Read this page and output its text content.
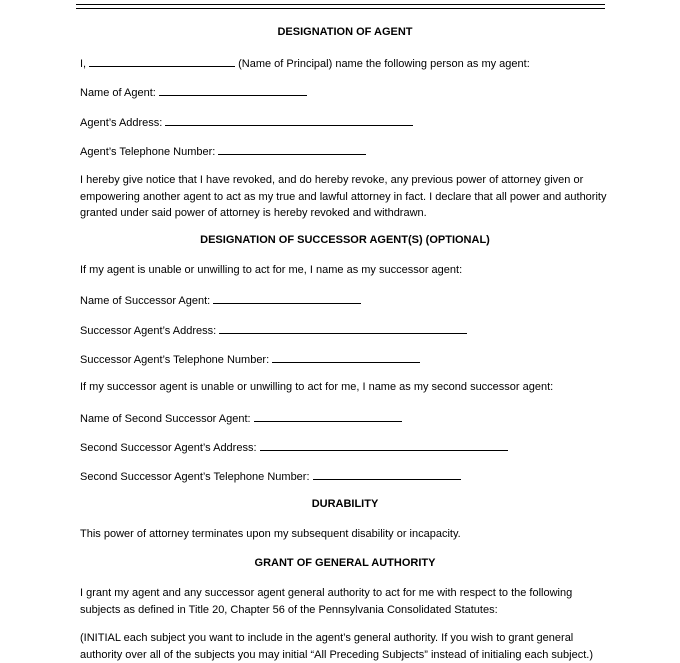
DESIGNATION OF AGENT
I,	(Name of Principal) name the following person as my agent:
Name of Agent:
Agent’s Address:
Agent’s Telephone Number:
I hereby give notice that I have revoked, and do hereby revoke, any previous power of attorney given or empowering another agent to act as my true and lawful attorney in fact. I declare that all power and authority granted under said power of attorney is hereby revoked and withdrawn.
DESIGNATION OF SUCCESSOR AGENT(S) (OPTIONAL)
If my agent is unable or unwilling to act for me, I name as my successor agent:
Name of Successor Agent:
Successor Agent’s Address:
Successor Agent’s Telephone Number:
If my successor agent is unable or unwilling to act for me, I name as my second successor agent:
Name of Second Successor Agent:
Second Successor Agent’s Address:
Second Successor Agent’s Telephone Number:
DURABILITY
This power of attorney terminates upon my subsequent disability or incapacity.
GRANT OF GENERAL AUTHORITY
I grant my agent and any successor agent general authority to act for me with respect to the following subjects as defined in Title 20, Chapter 56 of the Pennsylvania Consolidated Statutes:
(INITIAL each subject you want to include in the agent’s general authority. If you wish to grant general authority over all of the subjects you may initial “All Preceding Subjects” instead of initialing each subject.)
